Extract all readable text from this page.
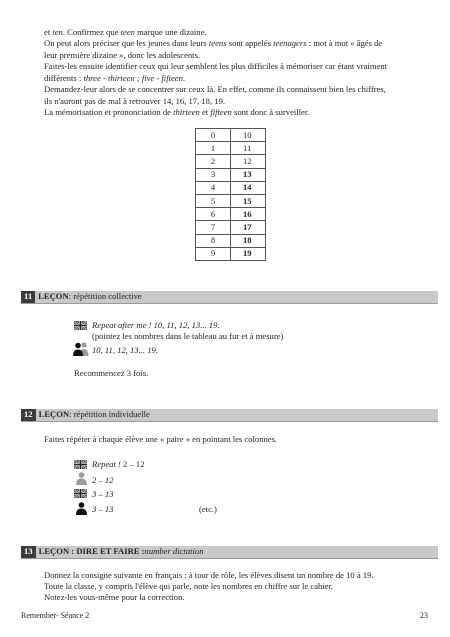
et ten. Confirmez que teen marque une dizaine.

On peut alors préciser que les jeunes dans leurs teens sont appelés teenagers : mot à mot « âgés de

leur première dizaine », donc les adolescents.

Faites-les ensuite identifier ceux qui leur semblent les plus difficiles à mémoriser car étant vraiment

différents : three - thirteen ; five - fifteen.

Demandez-leur alors de se concentrer sur ceux là. En effet, comme ils connaissent bien les chiffres,

ils n'auront pas de mal à retrouver 14, 16, 17, 18, 19.

La mémorisation et prononciation de thirteen et fifteen sont donc à surveiller.

0	10
1	11
2	12
3	13
4	14
5	15
6	16
7	17
8	18
9	19
11 LEÇON : répétition collective
Repeat after me ! 10, 11, 12, 13... 19.
(pointez les nombres dans le tableau au fur et à mesure)
10, 11, 12, 13... 19.
Recommencez 3 fois.
12 LEÇON : répétition individuelle
Faites répéter à chaque élève une « paire » en pointant les colonnes.
Repeat ! 2 – 12
2 – 12
3 – 13
3 – 13	(etc.)
13 LEÇON : DIRE ET FAIRE : number dictation
Donnez la consigne suivante en français : à tour de rôle, les élèves disent un nombre de 10 à 19.
Toute la classe, y compris l'élève qui parle, note les nombres en chiffre sur le cahier.
Notez-les vous-même pour la correction.
Remember- Séance 2	23
